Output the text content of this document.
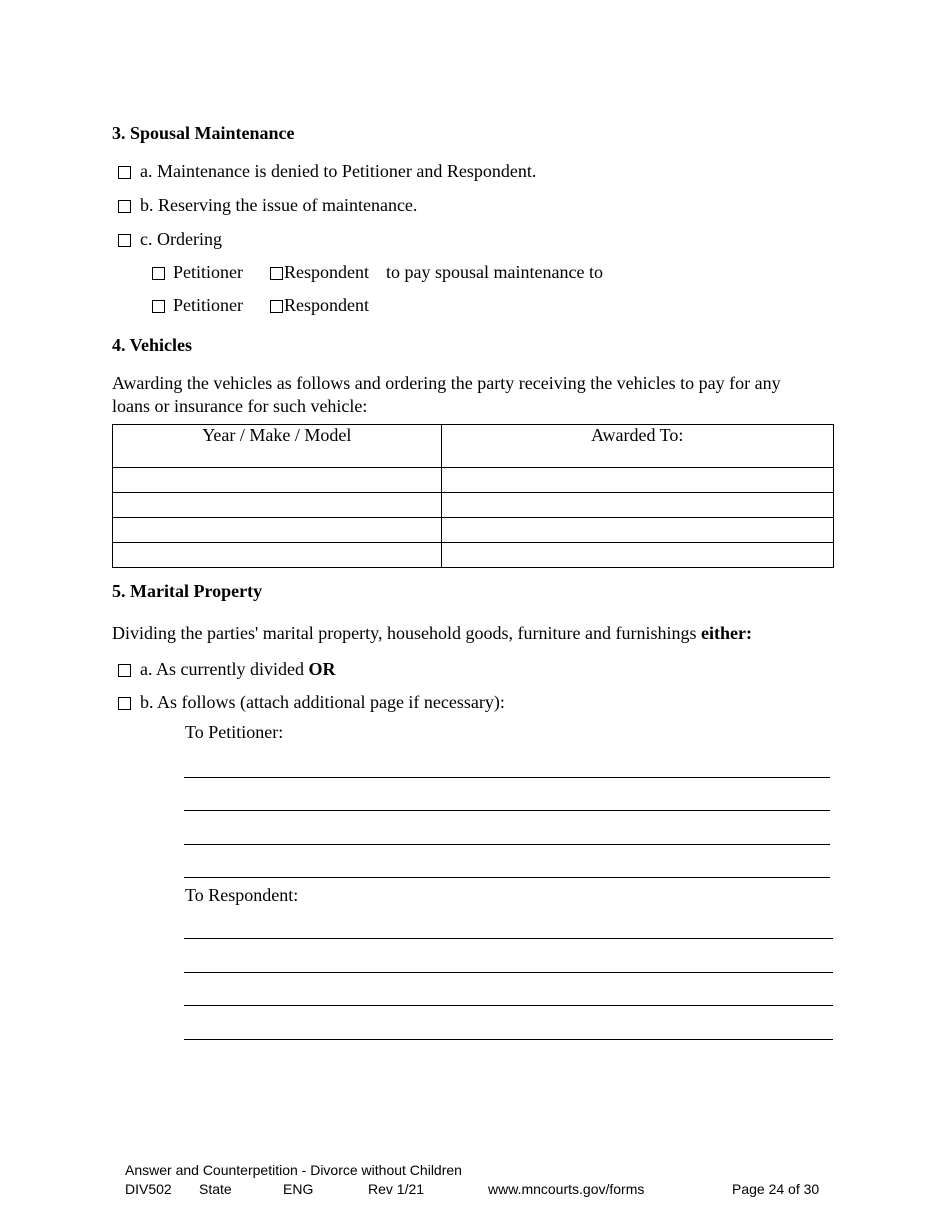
3. Spousal Maintenance
a. Maintenance is denied to Petitioner and Respondent.
b. Reserving the issue of maintenance.
c. Ordering
Petitioner Respondent to pay spousal maintenance to
Petitioner Respondent
4. Vehicles
Awarding the vehicles as follows and ordering the party receiving the vehicles to pay for any
loans or insurance for such vehicle:
Year / Make / Model	Awarded To:

5. Marital Property
Dividing the parties' marital property, household goods, furniture and furnishings either:
a. As currently divided OR
b. As follows (attach additional page if necessary):
To Petitioner:
To Respondent:
Answer and Counterpetition - Divorce without Children
DIV502 State	ENG	Rev 1/21	www.mncourts.gov/forms	Page 24 of 30
